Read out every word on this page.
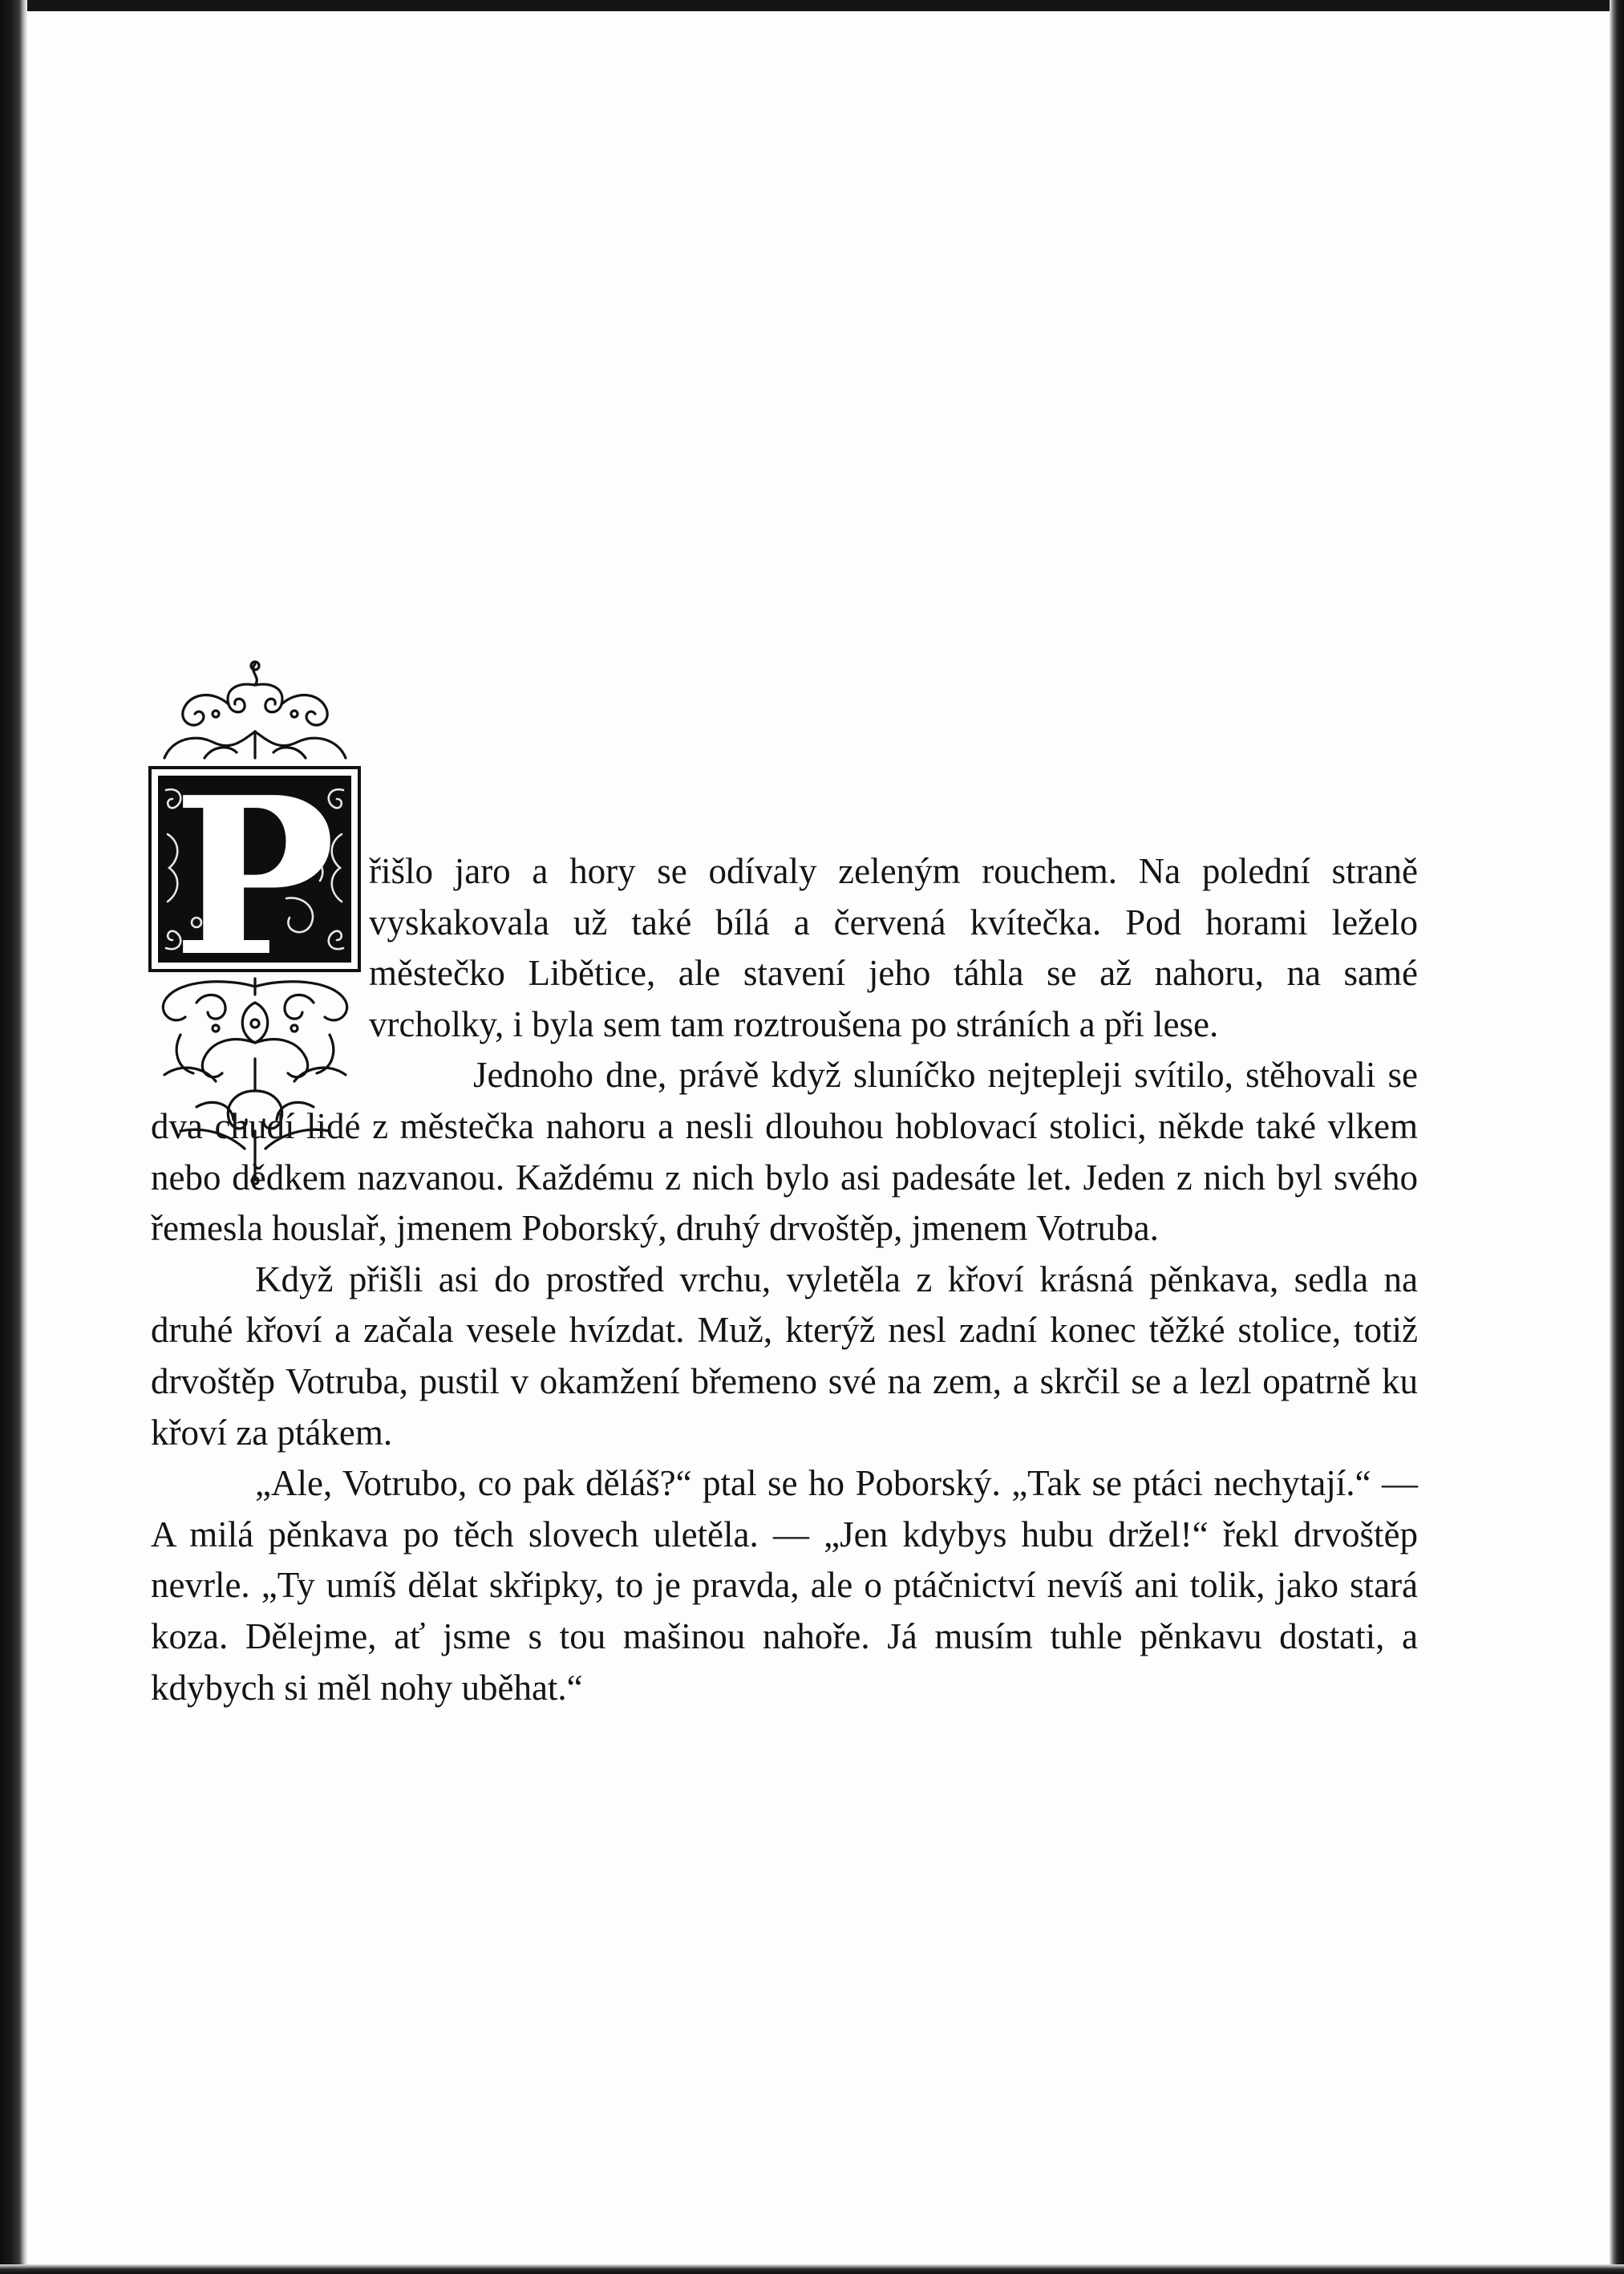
P řišlo jaro a hory se odívaly zeleným rouchem. Na polední straně vyskakovala už také bílá a červená kvítečka. Pod horami leželo městečko Libětice, ale stavení jeho táhla se až nahoru, na samé vrcholky, i byla sem tam roztroušena po stráních a při lese.

Jednoho dne, právě když sluníčko nejtepleji svítilo, stěhovali se dva chudí lidé z městečka nahoru a nesli dlouhou hoblovací stolici, někde také vlkem nebo dědkem nazvanou. Každému z nich bylo asi padesáte let. Jeden z nich byl svého řemesla houslař, jmenem Poborský, druhý drvoštěp, jmenem Votruba.

Když přišli asi do prostřed vrchu, vyletěla z křoví krásná pěnkava, sedla na druhé křoví a začala vesele hvízdat. Muž, kterýž nesl zadní konec těžké stolice, totiž drvoštěp Votruba, pustil v okamžení břemeno své na zem, a skrčil se a lezl opatrně ku křoví za ptákem.

„Ale, Votrubo, co pak děláš?“ ptal se ho Poborský. „Tak se ptáci nechytají.“ — A milá pěnkava po těch slovech uletěla. — „Jen kdybys hubu držel!“ řekl drvoštěp nevrle. „Ty umíš dělat skřipky, to je pravda, ale o ptáčnictví nevíš ani tolik, jako stará koza. Dělejme, ať jsme s tou mašinou nahoře. Já musím tuhle pěnkavu dostati, a kdybych si měl nohy uběhat.“
